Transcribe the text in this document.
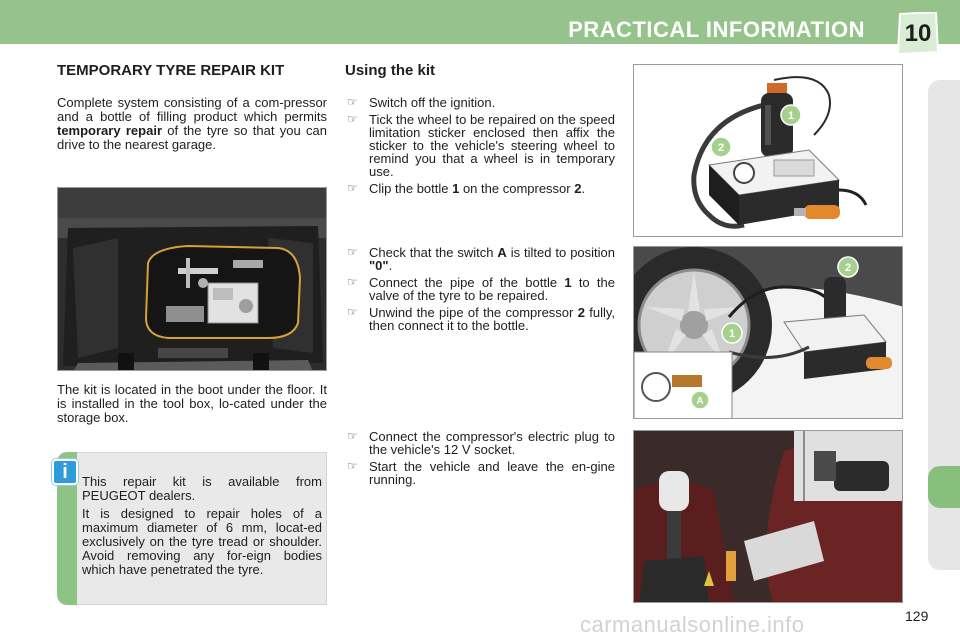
PRACTICAL INFORMATION	10
TEMPORARY TYRE REPAIR KIT

Complete system consisting of a com-pressor and a bottle of filling product which permits temporary repair of the tyre so that you can drive to the nearest garage.

The kit is located in the boot under the floor. It is installed in the tool box, lo-cated under the storage box.

i	This repair kit is available from PEUGEOT dealers.

It is designed to repair holes of a maximum diameter of 6 mm, locat-ed exclusively on the tyre tread or shoulder. Avoid removing any for-eign bodies which have penetrated the tyre.

Using the kit
☞ Switch off the ignition.
☞ Tick the wheel to be repaired on the speed limitation sticker enclosed then affix the sticker to the vehicle's steering wheel to remind you that a wheel is in temporary use.
☞ Clip the bottle 1 on the compressor 2.
☞ Check that the switch A is tilted to position "0".
☞ Connect the pipe of the bottle 1 to the valve of the tyre to be repaired.
☞ Unwind the pipe of the compressor 2 fully, then connect it to the bottle.
☞ Connect the compressor's electric plug to the vehicle's 12 V socket.
☞ Start the vehicle and leave the en-gine running.
1
2
2
1
A
129
carmanualsonline.info
